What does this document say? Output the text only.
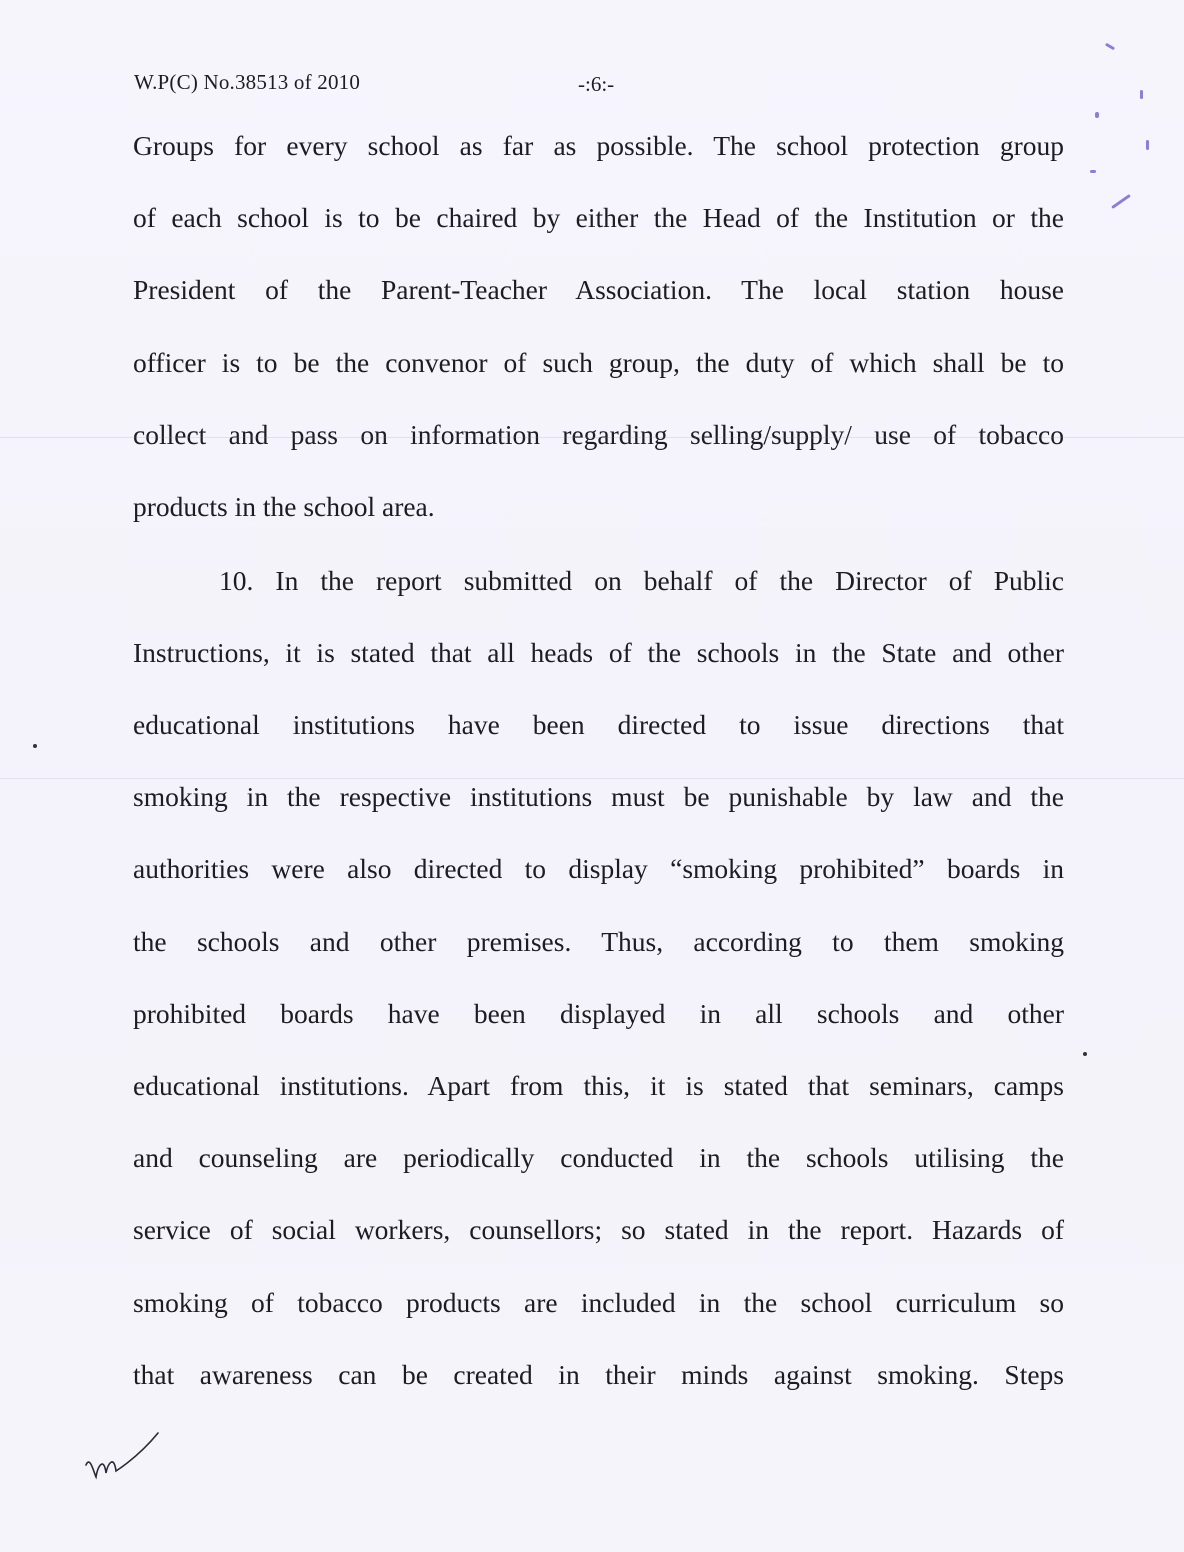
W.P(C) No.38513 of 2010	-:6:-
Groups for every school as far as possible. The school protection group
of each school is to be chaired by either the Head of the Institution or the
President of the Parent-Teacher Association. The local station house
officer is to be the convenor of such group, the duty of which shall be to
collect and pass on information regarding selling/supply/ use of tobacco
products in the school area.
10. In the report submitted on behalf of the Director of Public
Instructions, it is stated that all heads of the schools in the State and other
educational institutions have been directed to issue directions that
smoking in the respective institutions must be punishable by law and the
authorities were also directed to display “smoking prohibited” boards in
the schools and other premises. Thus, according to them smoking
prohibited boards have been displayed in all schools and other
educational institutions. Apart from this, it is stated that seminars, camps
and counseling are periodically conducted in the schools utilising the
service of social workers, counsellors; so stated in the report. Hazards of
smoking of tobacco products are included in the school curriculum so
that awareness can be created in their minds against smoking. Steps
